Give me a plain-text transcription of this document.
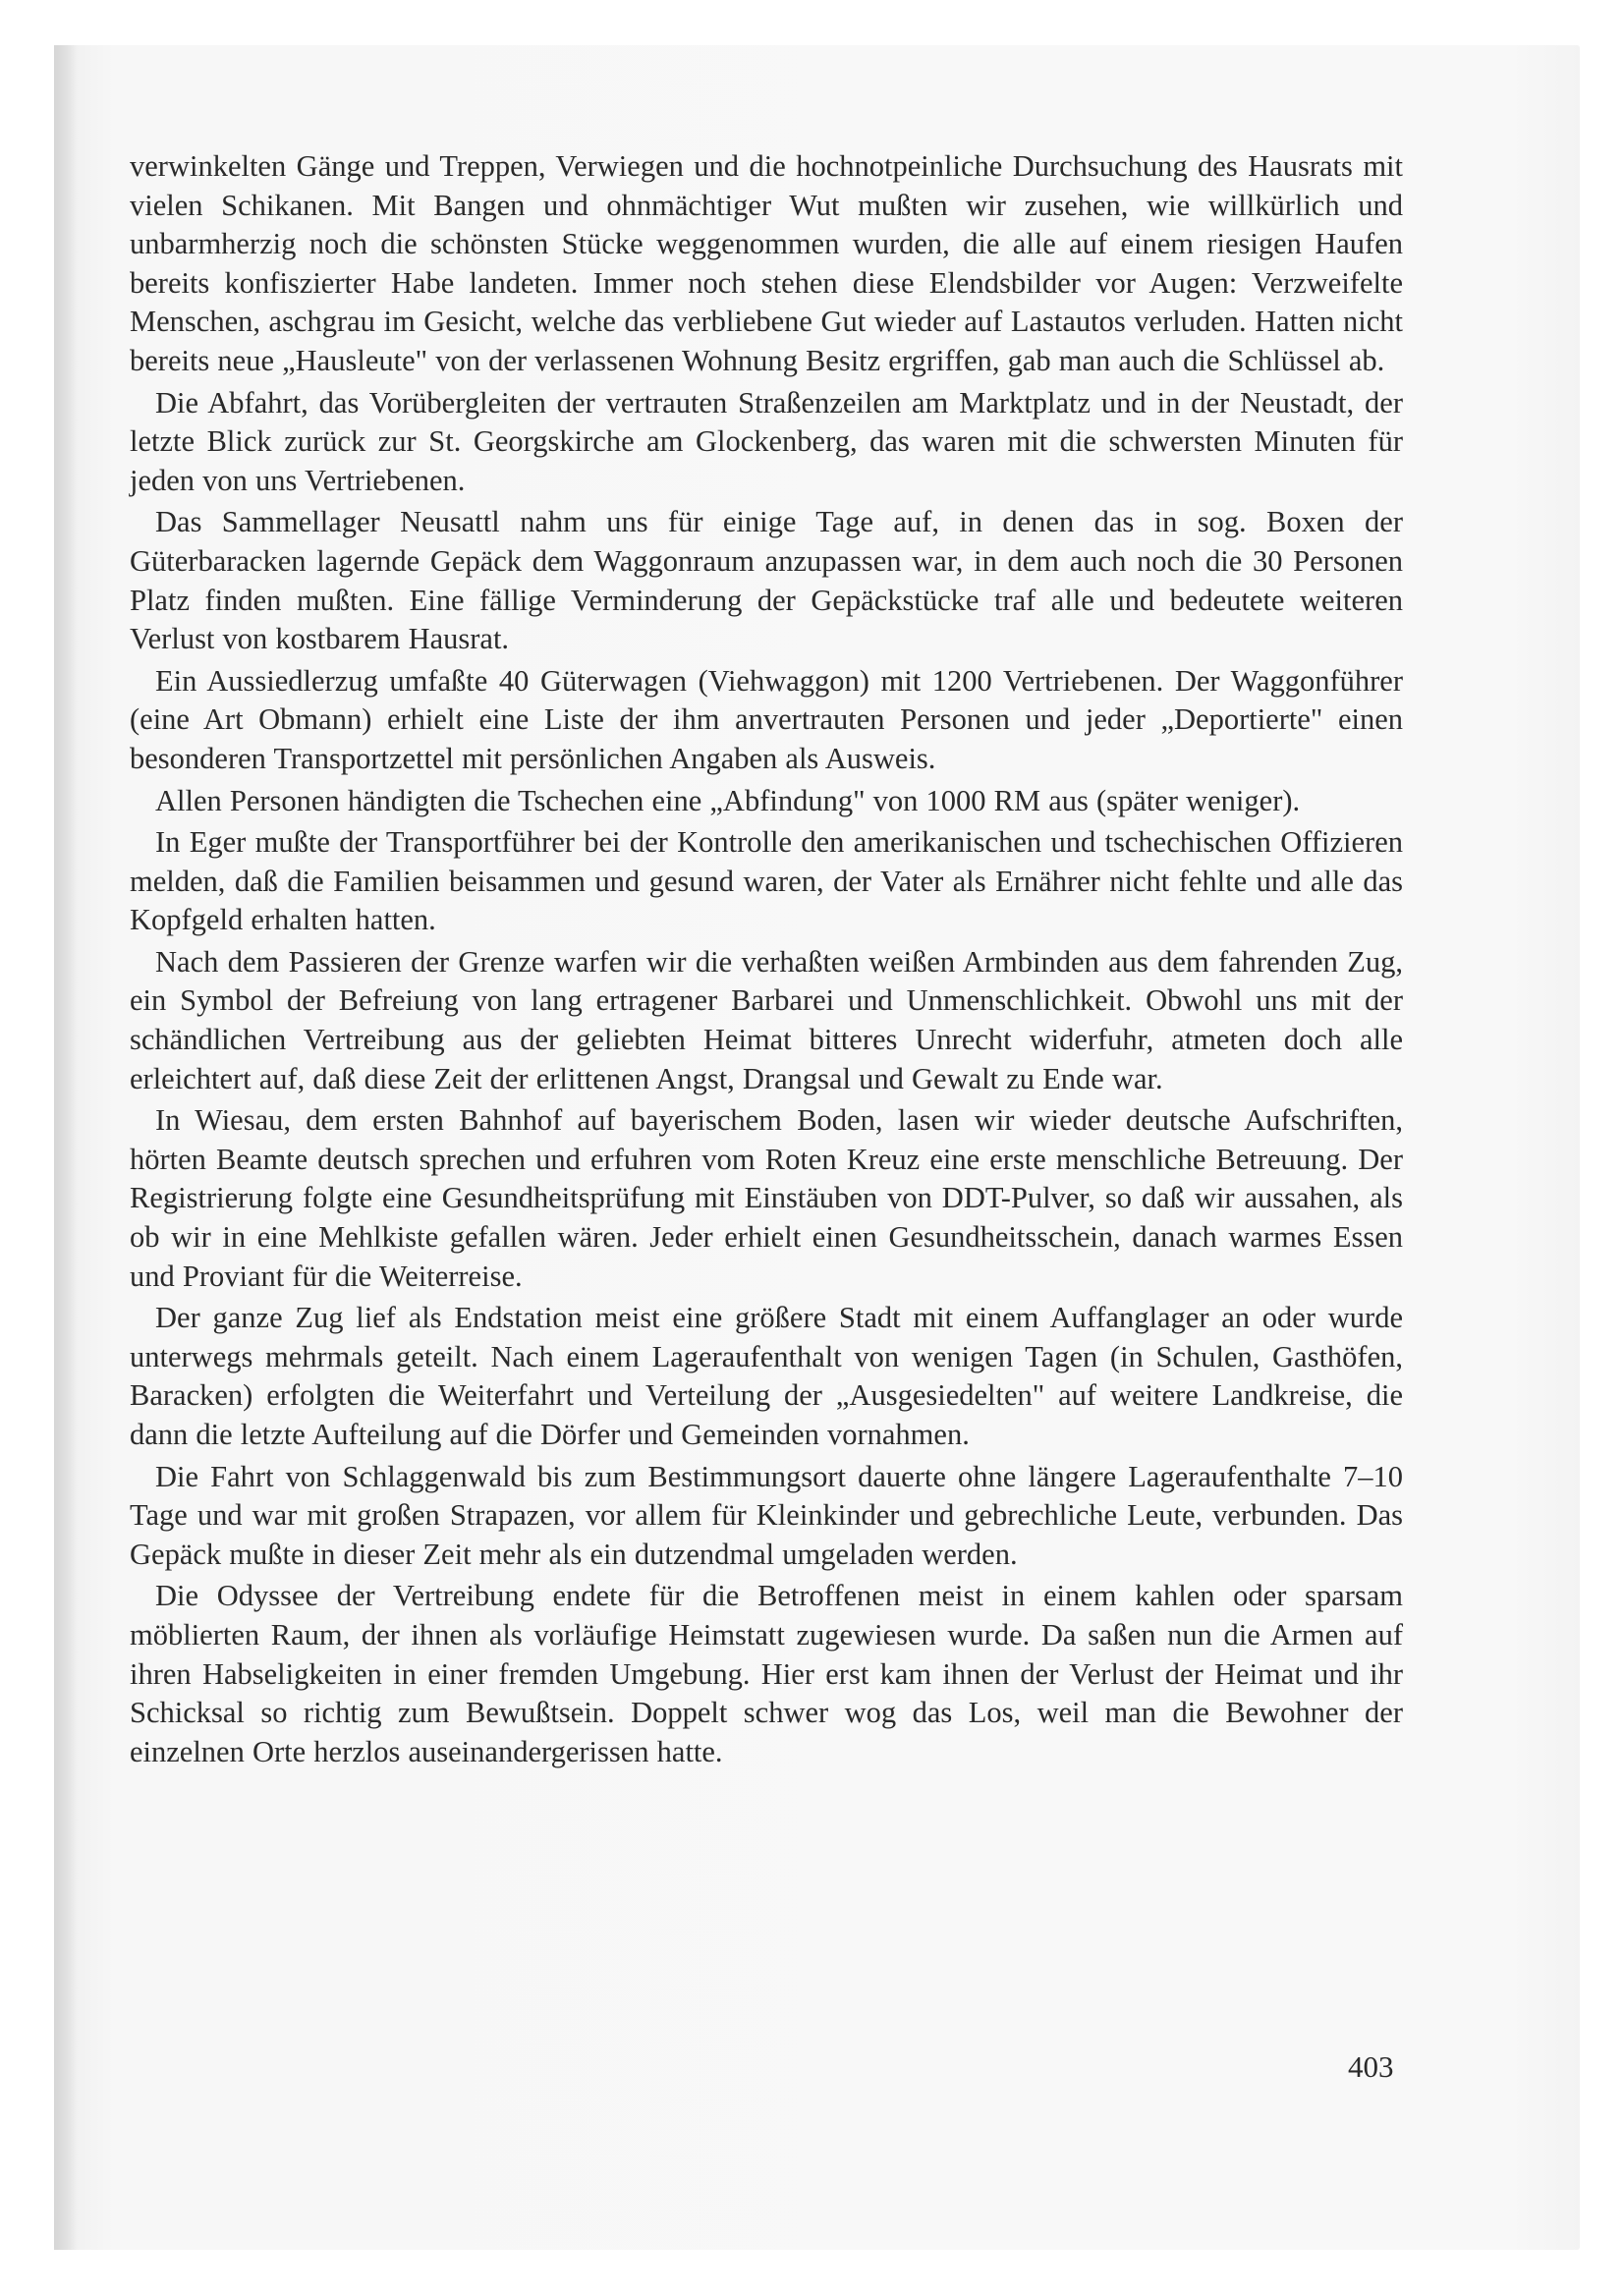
verwinkelten Gänge und Treppen, Verwiegen und die hochnotpeinliche Durchsuchung des Hausrats mit vielen Schikanen. Mit Bangen und ohnmächtiger Wut mußten wir zusehen, wie willkürlich und unbarmherzig noch die schönsten Stücke weggenommen wurden, die alle auf einem riesigen Haufen bereits konfiszierter Habe landeten. Immer noch stehen diese Elendsbilder vor Augen: Verzweifelte Menschen, aschgrau im Gesicht, welche das verbliebene Gut wieder auf Lastautos verluden. Hatten nicht bereits neue „Hausleute" von der verlassenen Wohnung Besitz ergriffen, gab man auch die Schlüssel ab.

Die Abfahrt, das Vorübergleiten der vertrauten Straßenzeilen am Marktplatz und in der Neustadt, der letzte Blick zurück zur St. Georgskirche am Glockenberg, das waren mit die schwersten Minuten für jeden von uns Vertriebenen.

Das Sammellager Neusattl nahm uns für einige Tage auf, in denen das in sog. Boxen der Güterbaracken lagernde Gepäck dem Waggonraum anzupassen war, in dem auch noch die 30 Personen Platz finden mußten. Eine fällige Verminderung der Gepäckstücke traf alle und bedeutete weiteren Verlust von kostbarem Hausrat.

Ein Aussiedlerzug umfaßte 40 Güterwagen (Viehwaggon) mit 1200 Vertriebenen. Der Waggonführer (eine Art Obmann) erhielt eine Liste der ihm anvertrauten Personen und jeder „Deportierte" einen besonderen Transportzettel mit persönlichen Angaben als Ausweis.

Allen Personen händigten die Tschechen eine „Abfindung" von 1000 RM aus (später weniger).

In Eger mußte der Transportführer bei der Kontrolle den amerikanischen und tschechischen Offizieren melden, daß die Familien beisammen und gesund waren, der Vater als Ernährer nicht fehlte und alle das Kopfgeld erhalten hatten.

Nach dem Passieren der Grenze warfen wir die verhaßten weißen Armbinden aus dem fahrenden Zug, ein Symbol der Befreiung von lang ertragener Barbarei und Unmenschlichkeit. Obwohl uns mit der schändlichen Vertreibung aus der geliebten Heimat bitteres Unrecht widerfuhr, atmeten doch alle erleichtert auf, daß diese Zeit der erlittenen Angst, Drangsal und Gewalt zu Ende war.

In Wiesau, dem ersten Bahnhof auf bayerischem Boden, lasen wir wieder deutsche Aufschriften, hörten Beamte deutsch sprechen und erfuhren vom Roten Kreuz eine erste menschliche Betreuung. Der Registrierung folgte eine Gesundheitsprüfung mit Einstäuben von DDT-Pulver, so daß wir aussahen, als ob wir in eine Mehlkiste gefallen wären. Jeder erhielt einen Gesundheitsschein, danach warmes Essen und Proviant für die Weiterreise.

Der ganze Zug lief als Endstation meist eine größere Stadt mit einem Auffanglager an oder wurde unterwegs mehrmals geteilt. Nach einem Lageraufenthalt von wenigen Tagen (in Schulen, Gasthöfen, Baracken) erfolgten die Weiterfahrt und Verteilung der „Ausgesiedelten" auf weitere Landkreise, die dann die letzte Aufteilung auf die Dörfer und Gemeinden vornahmen.

Die Fahrt von Schlaggenwald bis zum Bestimmungsort dauerte ohne längere Lageraufenthalte 7–10 Tage und war mit großen Strapazen, vor allem für Kleinkinder und gebrechliche Leute, verbunden. Das Gepäck mußte in dieser Zeit mehr als ein dutzendmal umgeladen werden.

Die Odyssee der Vertreibung endete für die Betroffenen meist in einem kahlen oder sparsam möblierten Raum, der ihnen als vorläufige Heimstatt zugewiesen wurde. Da saßen nun die Armen auf ihren Habseligkeiten in einer fremden Umgebung. Hier erst kam ihnen der Verlust der Heimat und ihr Schicksal so richtig zum Bewußtsein. Doppelt schwer wog das Los, weil man die Bewohner der einzelnen Orte herzlos auseinandergerissen hatte.

403
